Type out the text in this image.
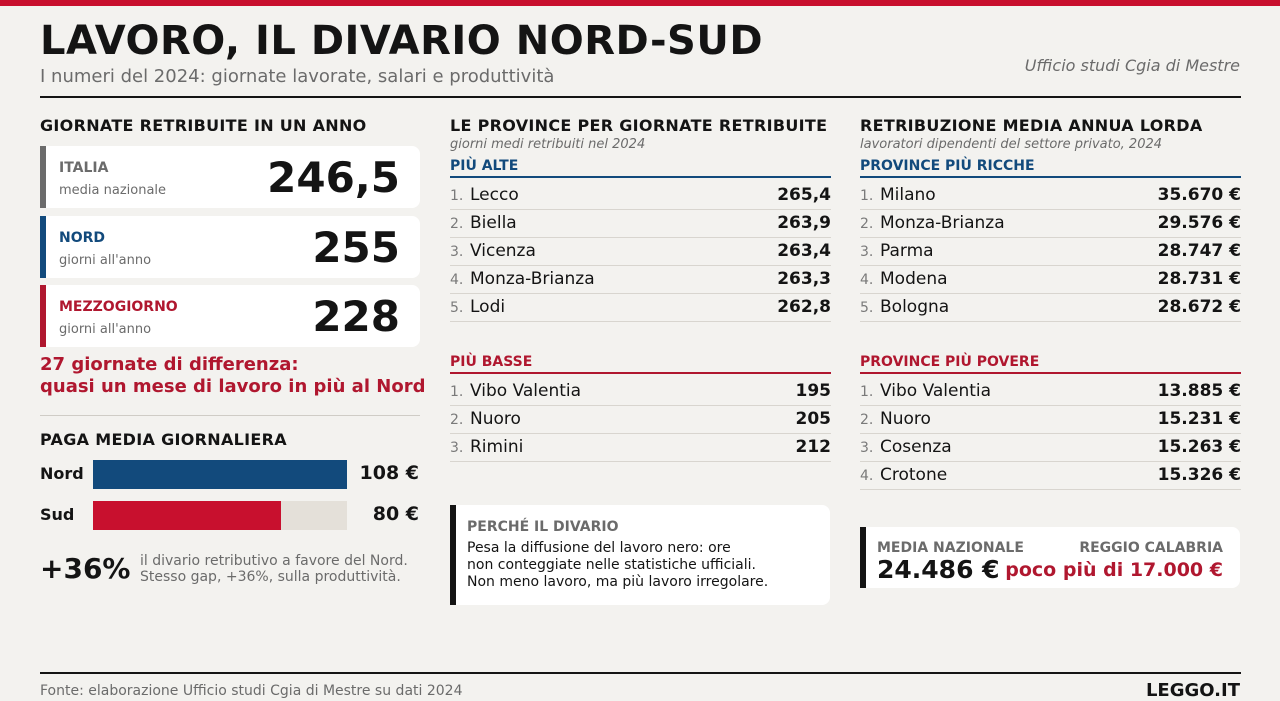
LAVORO, IL DIVARIO NORD-SUD
I numeri del 2024: giornate lavorate, salari e produttività
Ufficio studi Cgia di Mestre
GIORNATE RETRIBUITE IN UN ANNO
ITALIA
media nazionale 246,5
NORD
giorni all'anno	255
MEZZOGIORNO
giorni all'anno	228
27 giornate di differenza:
quasi un mese di lavoro in più al Nord
PAGA MEDIA GIORNALIERA
Nord	108 €
Sud	80 €
+36% il divario retributivo a favore del Nord.
Stesso gap, +36%, sulla produttività.
LE PROVINCE PER GIORNATE RETRIBUITE
giorni medi retribuiti nel 2024
PIÙ ALTE
1. Lecco	265,4
2. Biella	263,9
3. Vicenza	263,4
4. Monza-Brianza	263,3
5. Lodi	262,8
PIÙ BASSE
1. Vibo Valentia	195
2. Nuoro	205
3. Rimini	212
PERCHÉ IL DIVARIO
Pesa la diffusione del lavoro nero: ore
non conteggiate nelle statistiche ufficiali.
Non meno lavoro, ma più lavoro irregolare.
RETRIBUZIONE MEDIA ANNUA LORDA
lavoratori dipendenti del settore privato, 2024
PROVINCE PIÙ RICCHE
1. Milano	35.670 €
2. Monza-Brianza	29.576 €
3. Parma	28.747 €
4. Modena	28.731 €
5. Bologna	28.672 €
PROVINCE PIÙ POVERE
1. Vibo Valentia	13.885 €
2. Nuoro	15.231 €
3. Cosenza	15.263 €
4. Crotone	15.326 €
MEDIA NAZIONALE
24.486 €
REGGIO CALABRIA
poco più di 17.000 €
Fonte: elaborazione Ufficio studi Cgia di Mestre su dati 2024	LEGGO.IT
